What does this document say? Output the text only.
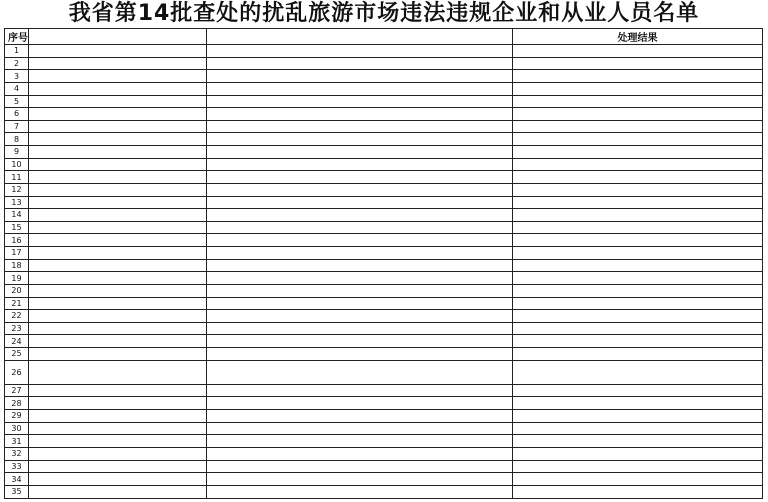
我省第14批查处的扰乱旅游市场违法违规企业和从业人员名单
序号			处理结果
1			
2			
3			
4			
5			
6			
7			
8			
9			
10			
11			
12			
13			
14			
15			
16			
17			
18			
19			
20			
21			
22			
23			
24			
25			
26			
27			
28			
29			
30			
31			
32			
33			
34			
35			
